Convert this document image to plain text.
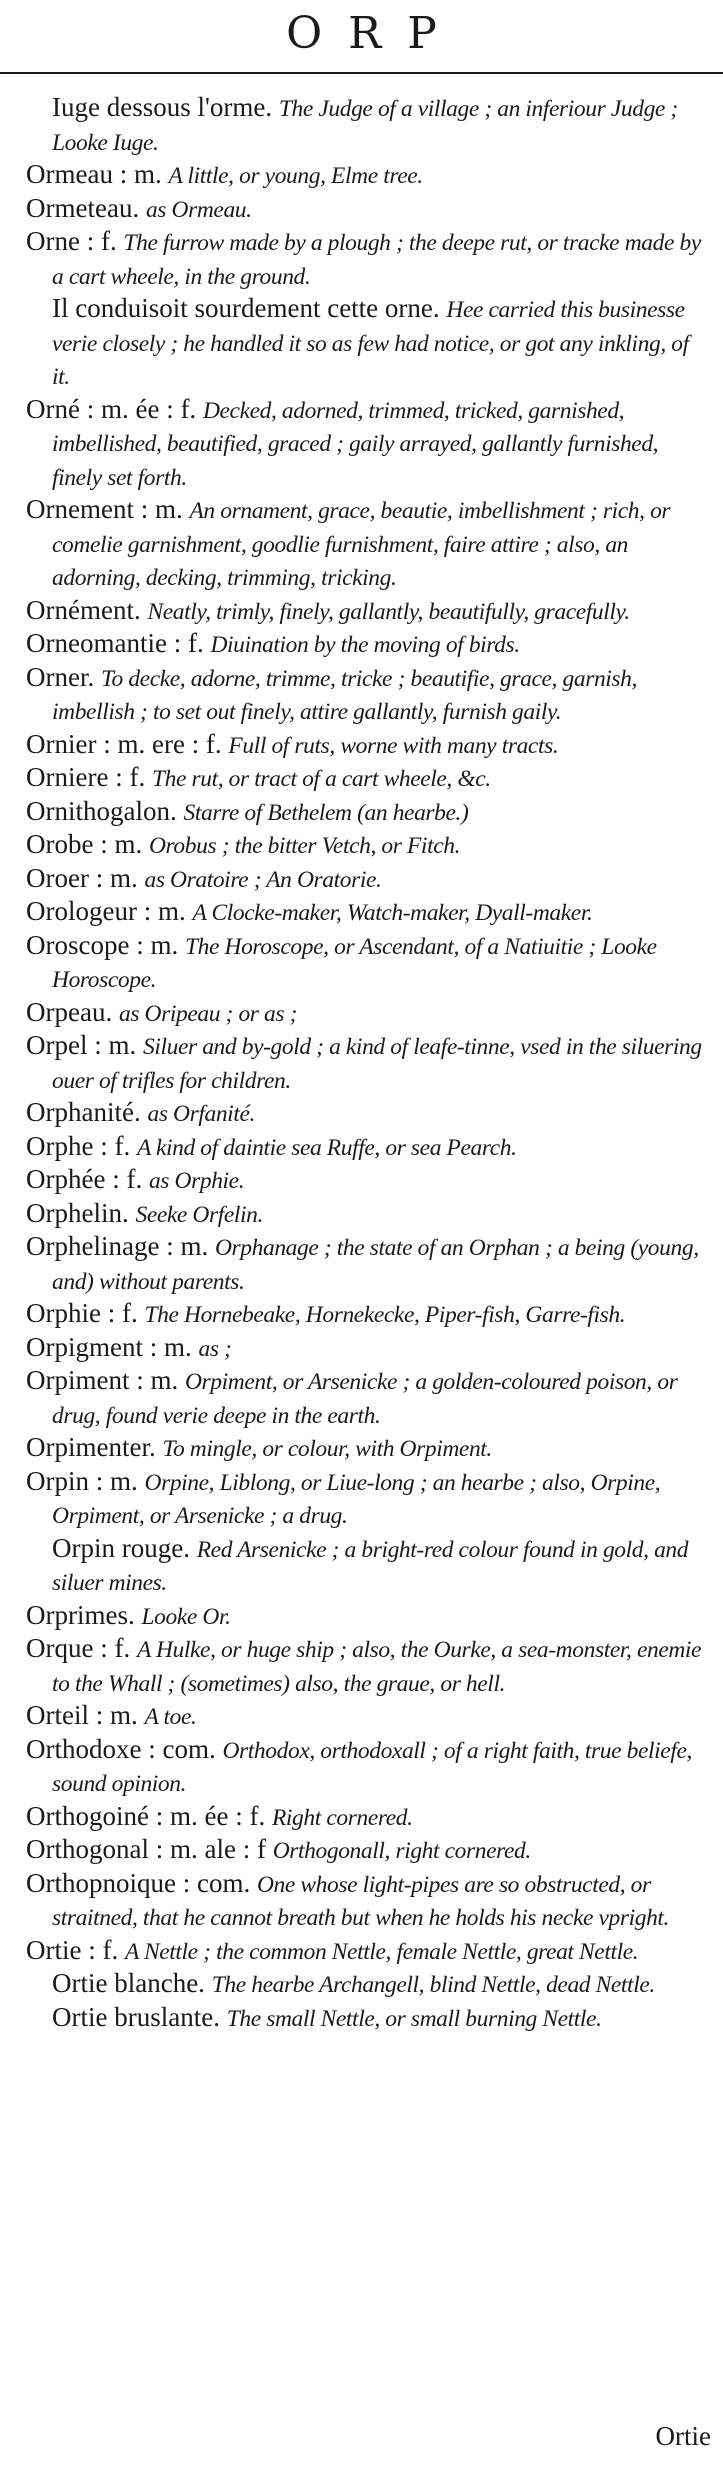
ORP
Iuge dessous l'orme. The Judge of a village ; an inferiour Judge ; Looke Iuge.
Ormeau : m. A little, or young, Elme tree.
Ormeteau. as Ormeau.
Orne : f. The furrow made by a plough ; the deepe rut, or tracke made by a cart wheele, in the ground.
Il conduisoit sourdement cette orne. Hee carried this businesse verie closely ; he handled it so as few had notice, or got any inkling, of it.
Orné : m. ée : f. Decked, adorned, trimmed, tricked, garnished, imbellished, beautified, graced ; gaily arrayed, gallantly furnished, finely set forth.
Ornement : m. An ornament, grace, beautie, imbellishment ; rich, or comelie garnishment, goodlie furnishment, faire attire ; also, an adorning, decking, trimming, tricking.
Ornément. Neatly, trimly, finely, gallantly, beautifully, gracefully.
Orneomantie : f. Diuination by the moving of birds.
Orner. To decke, adorne, trimme, tricke ; beautifie, grace, garnish, imbellish ; to set out finely, attire gallantly, furnish gaily.
Ornier : m. ere : f. Full of ruts, worne with many tracts.
Orniere : f. The rut, or tract of a cart wheele, &c.
Ornithogalon. Starre of Bethelem (an hearbe.)
Orobe : m. Orobus ; the bitter Vetch, or Fitch.
Oroer : m. as Oratoire ; An Oratorie.
Orologeur : m. A Clocke-maker, Watch-maker, Dyall-maker.
Oroscope : m. The Horoscope, or Ascendant, of a Natiuitie ; Looke Horoscope.
Orpeau. as Oripeau ; or as ;
Orpel : m. Siluer and by-gold ; a kind of leafe-tinne, vsed in the siluering ouer of trifles for children.
Orphanité. as Orfanité.
Orphe : f. A kind of daintie sea Ruffe, or sea Pearch.
Orphée : f. as Orphie.
Orphelin. Seeke Orfelin.
Orphelinage : m. Orphanage ; the state of an Orphan ; a being (young, and) without parents.
Orphie : f. The Hornebeake, Hornekecke, Piper-fish, Garre-fish.
Orpigment : m. as ;
Orpiment : m. Orpiment, or Arsenicke ; a golden-coloured poison, or drug, found verie deepe in the earth.
Orpimenter. To mingle, or colour, with Orpiment.
Orpin : m. Orpine, Liblong, or Liue-long ; an hearbe ; also, Orpine, Orpiment, or Arsenicke ; a drug.
Orpin rouge. Red Arsenicke ; a bright-red colour found in gold, and siluer mines.
Orprimes. Looke Or.
Orque : f. A Hulke, or huge ship ; also, the Ourke, a sea-monster, enemie to the Whall ; (sometimes) also, the graue, or hell.
Orteil : m. A toe.
Orthodoxe : com. Orthodox, orthodoxall ; of a right faith, true beliefe, sound opinion.
Orthogoiné : m. ée : f. Right cornered.
Orthogonal : m. ale : f Orthogonall, right cornered.
Orthopnoique : com. One whose light-pipes are so obstructed, or straitned, that he cannot breath but when he holds his necke vpright.
Ortie : f. A Nettle ; the common Nettle, female Nettle, great Nettle.
Ortie blanche. The hearbe Archangell, blind Nettle, dead Nettle.
Ortie bruslante. The small Nettle, or small burning Nettle.
Ortie
